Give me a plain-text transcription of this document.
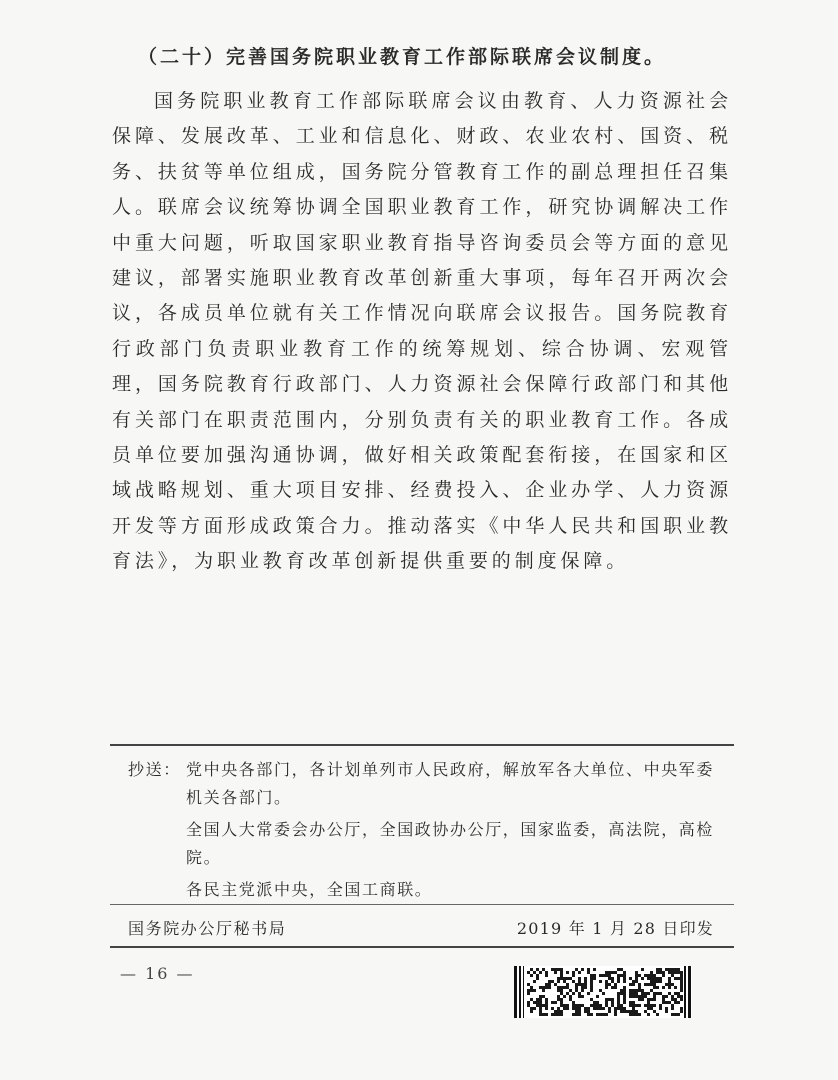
（二十）完善国务院职业教育工作部际联席会议制度。
国务院职业教育工作部际联席会议由教育、人力资源社会保障、发展改革、工业和信息化、财政、农业农村、国资、税务、扶贫等单位组成，国务院分管教育工作的副总理担任召集人。联席会议统筹协调全国职业教育工作，研究协调解决工作中重大问题，听取国家职业教育指导咨询委员会等方面的意见建议，部署实施职业教育改革创新重大事项，每年召开两次会议，各成员单位就有关工作情况向联席会议报告。国务院教育行政部门负责职业教育工作的统筹规划、综合协调、宏观管理，国务院教育行政部门、人力资源社会保障行政部门和其他有关部门在职责范围内，分别负责有关的职业教育工作。各成员单位要加强沟通协调，做好相关政策配套衔接，在国家和区域战略规划、重大项目安排、经费投入、企业办学、人力资源开发等方面形成政策合力。推动落实《中华人民共和国职业教育法》，为职业教育改革创新提供重要的制度保障。
抄送： 党中央各部门，各计划单列市人民政府，解放军各大单位、中央军委机关各部门。
全国人大常委会办公厅，全国政协办公厅，国家监委，高法院，高检院。
各民主党派中央，全国工商联。
国务院办公厅秘书局	2019 年 1 月 28 日印发
— 16 —
